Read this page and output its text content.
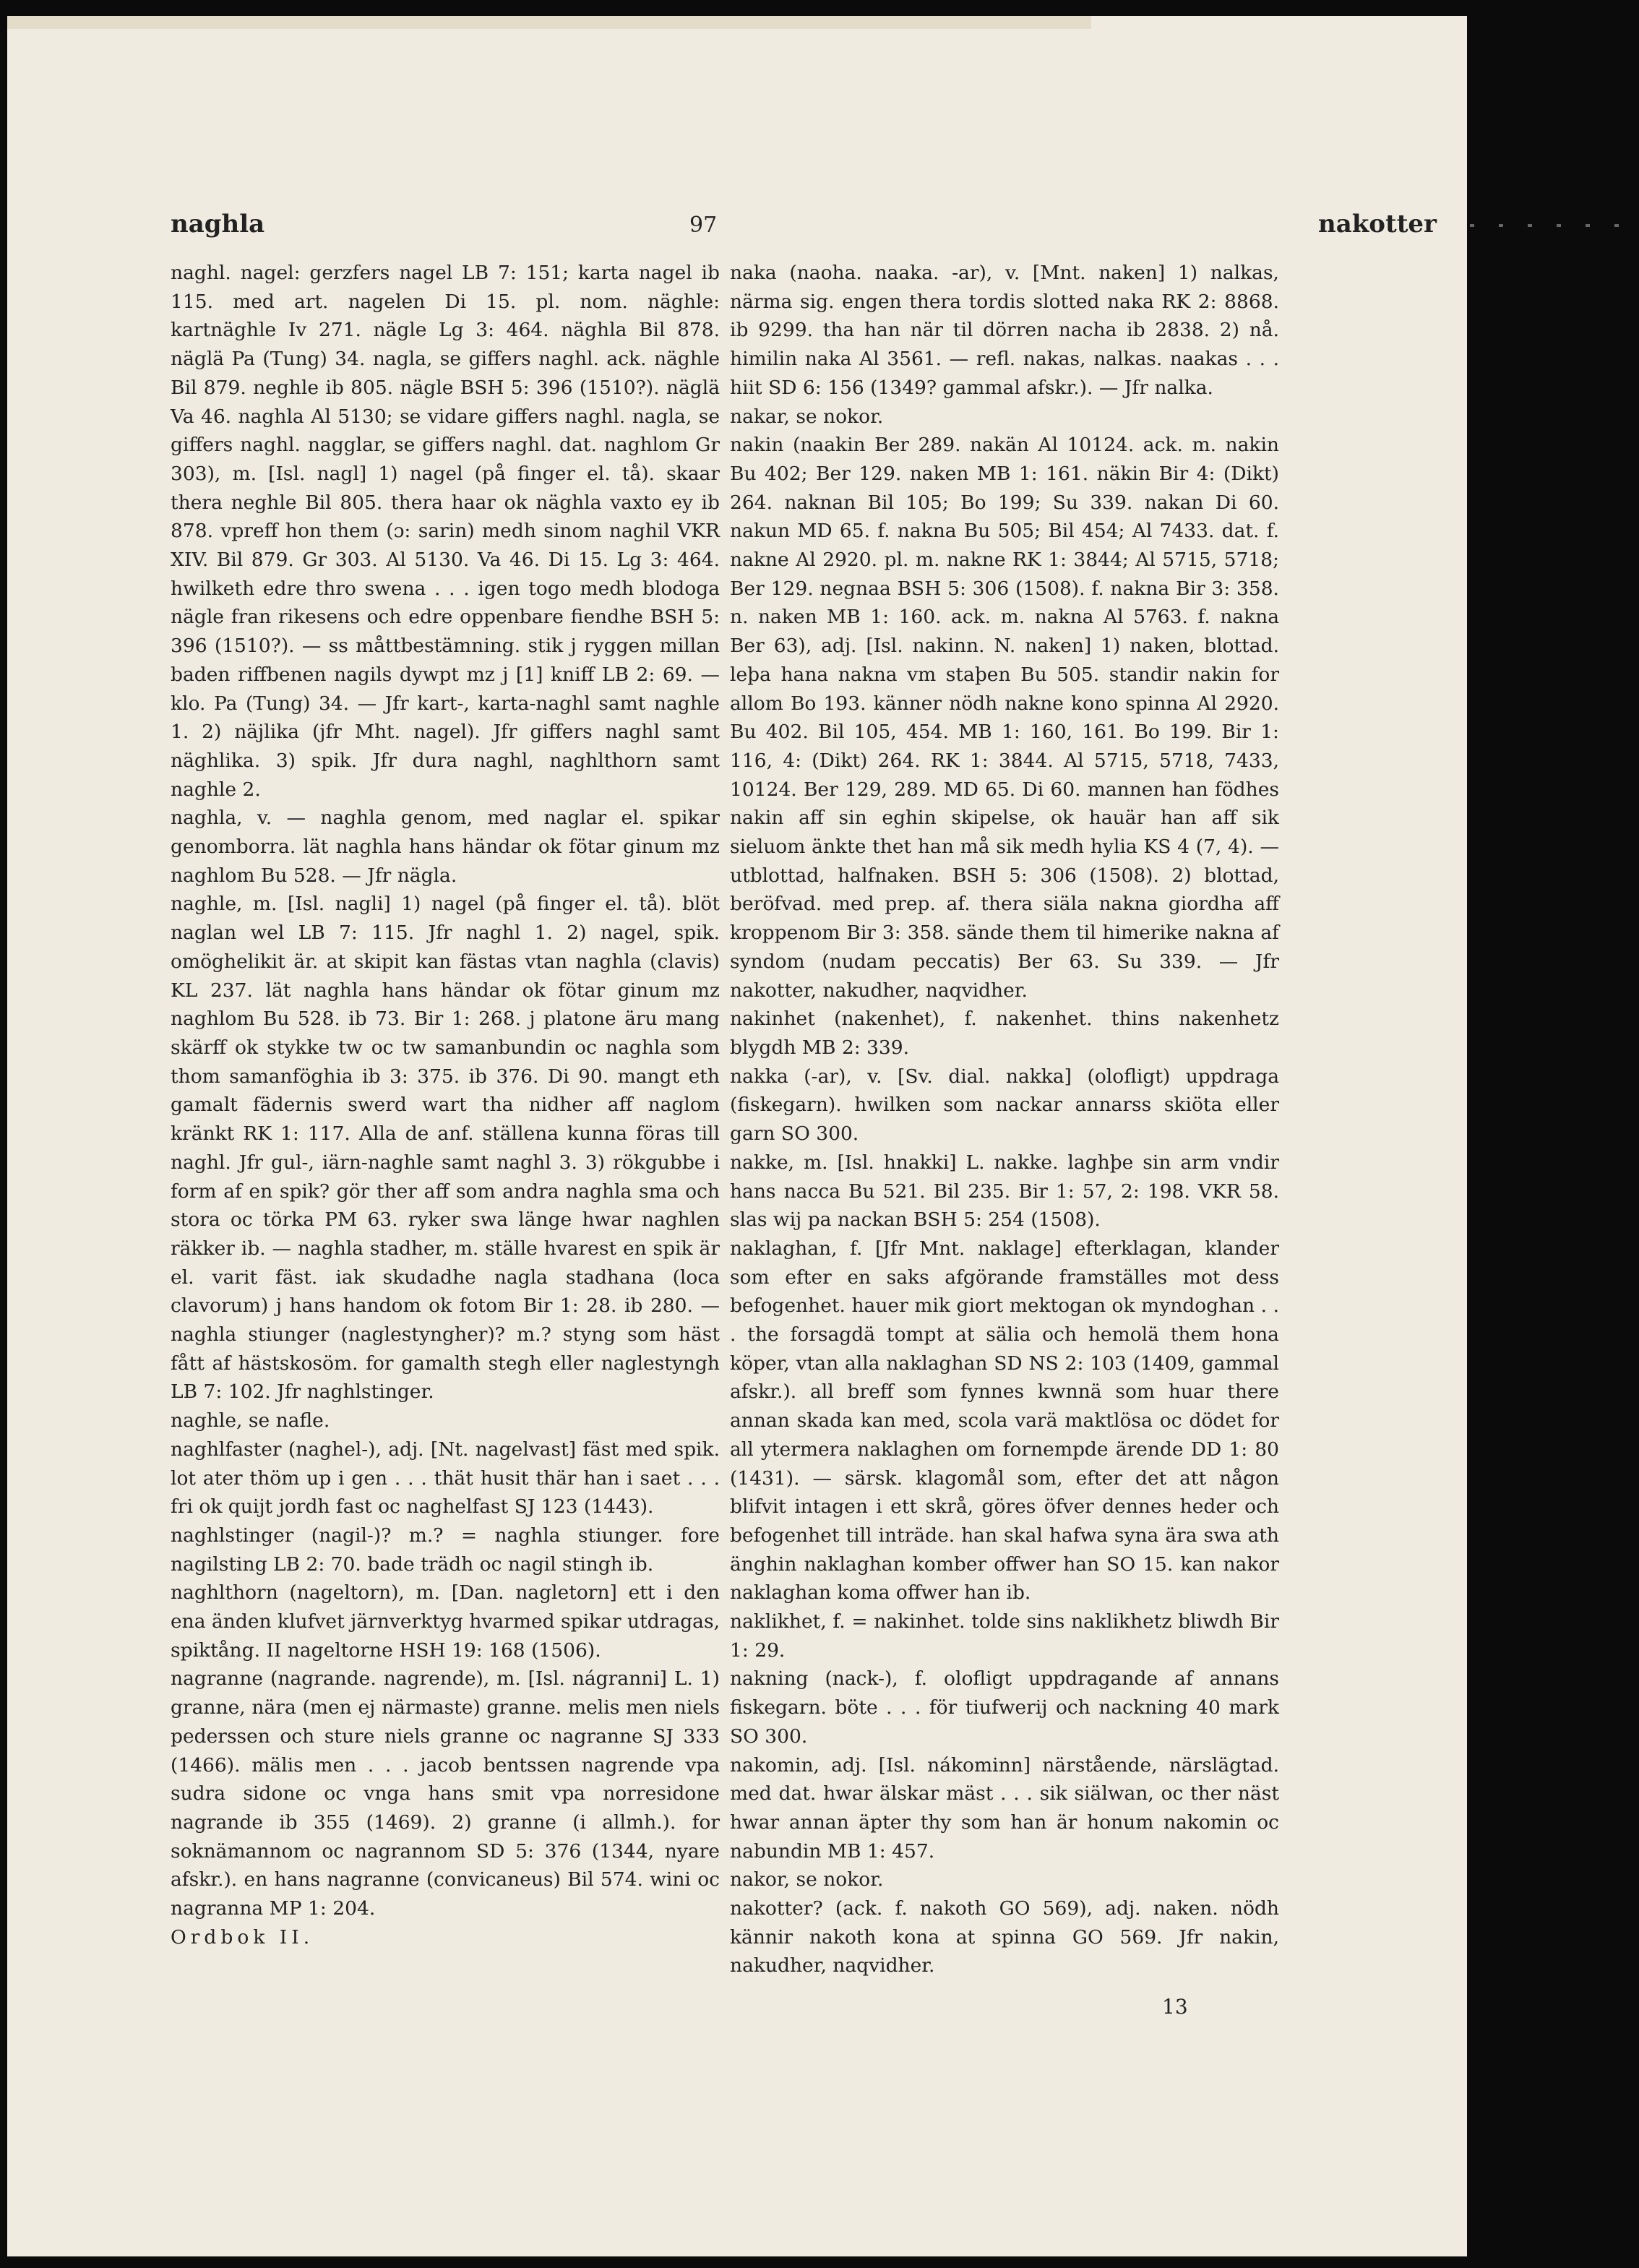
naghla	97	nakotter

naghl. nagel: gerzfers nagel LB 7: 151; karta nagel ib 115. med art. nagelen Di 15. pl. nom. näghle: kartnäghle Iv 271. nägle Lg 3: 464. näghla Bil 878. näglä Pa (Tung) 34. nagla, se giffers naghl. ack. näghle Bil 879. neghle ib 805. nägle BSH 5: 396 (1510?). näglä Va 46. naghla Al 5130; se vidare giffers naghl. nagla, se giffers naghl. nagglar, se giffers naghl. dat. naghlom Gr 303), m. [Isl. nagl] 1) nagel (på finger el. tå). skaar thera neghle Bil 805. thera haar ok näghla vaxto ey ib 878. vpreff hon them (ɔ: sarin) medh sinom naghil VKR XIV. Bil 879. Gr 303. Al 5130. Va 46. Di 15. Lg 3: 464. hwilketh edre thro swena . . . igen togo medh blodoga nägle fran rikesens och edre oppenbare fiendhe BSH 5: 396 (1510?). — ss måttbestämning. stik j ryggen millan baden riffbenen nagils dywpt mz j [1] kniff LB 2: 69. — klo. Pa (Tung) 34. — Jfr kart-, karta-naghl samt naghle 1. 2) näjlika (jfr Mht. nagel). Jfr giffers naghl samt näghlika. 3) spik. Jfr dura naghl, naghlthorn samt naghle 2.

naghla, v. — naghla genom, med naglar el. spikar genomborra. lät naghla hans händar ok fötar ginum mz naghlom Bu 528. — Jfr nägla.

naghle, m. [Isl. nagli] 1) nagel (på finger el. tå). blöt naglan wel LB 7: 115. Jfr naghl 1. 2) nagel, spik. omöghelikit är. at skipit kan fästas vtan naghla (clavis) KL 237. lät naghla hans händar ok fötar ginum mz naghlom Bu 528. ib 73. Bir 1: 268. j platone äru mang skärff ok stykke tw oc tw samanbundin oc naghla som thom samanföghia ib 3: 375. ib 376. Di 90. mangt eth gamalt fädernis swerd wart tha nidher aff naglom kränkt RK 1: 117. Alla de anf. ställena kunna föras till naghl. Jfr gul-, iärn-naghle samt naghl 3. 3) rökgubbe i form af en spik? gör ther aff som andra naghla sma och stora oc törka PM 63. ryker swa länge hwar naghlen räkker ib. — naghla stadher, m. ställe hvarest en spik är el. varit fäst. iak skudadhe nagla stadhana (loca clavorum) j hans handom ok fotom Bir 1: 28. ib 280. — naghla stiunger (naglestyngher)? m.? styng som häst fått af hästskosöm. for gamalth stegh eller naglestyngh LB 7: 102. Jfr naghlstinger.

naghle, se nafle.

naghlfaster (naghel-), adj. [Nt. nagelvast] fäst med spik. lot ater thöm up i gen . . . thät husit thär han i saet . . . fri ok quijt jordh fast oc naghelfast SJ 123 (1443).

naghlstinger (nagil-)? m.? = naghla stiunger. fore nagilsting LB 2: 70. bade trädh oc nagil stingh ib.

naghlthorn (nageltorn), m. [Dan. nagletorn] ett i den ena änden klufvet järnverktyg hvarmed spikar utdragas, spiktång. II nageltorne HSH 19: 168 (1506).

nagranne (nagrande. nagrende), m. [Isl. nágranni] L. 1) granne, nära (men ej närmaste) granne. melis men niels pederssen och sture niels granne oc nagranne SJ 333 (1466). mälis men . . . jacob bentssen nagrende vpa sudra sidone oc vnga hans smit vpa norresidone nagrande ib 355 (1469). 2) granne (i allmh.). for soknämannom oc nagrannom SD 5: 376 (1344, nyare afskr.). en hans nagranne (convicaneus) Bil 574. wini oc nagranna MP 1: 204.

Ordbok II.

naka (naoha. naaka. -ar), v. [Mnt. naken] 1) nalkas, närma sig. engen thera tordis slotted naka RK 2: 8868. ib 9299. tha han när til dörren nacha ib 2838. 2) nå. himilin naka Al 3561. — refl. nakas, nalkas. naakas . . . hiit SD 6: 156 (1349? gammal afskr.). — Jfr nalka.

nakar, se nokor.

nakin (naakin Ber 289. nakän Al 10124. ack. m. nakin Bu 402; Ber 129. naken MB 1: 161. näkin Bir 4: (Dikt) 264. naknan Bil 105; Bo 199; Su 339. nakan Di 60. nakun MD 65. f. nakna Bu 505; Bil 454; Al 7433. dat. f. nakne Al 2920. pl. m. nakne RK 1: 3844; Al 5715, 5718; Ber 129. negnaa BSH 5: 306 (1508). f. nakna Bir 3: 358. n. naken MB 1: 160. ack. m. nakna Al 5763. f. nakna Ber 63), adj. [Isl. nakinn. N. naken] 1) naken, blottad. leþa hana nakna vm staþen Bu 505. standir nakin for allom Bo 193. känner nödh nakne kono spinna Al 2920. Bu 402. Bil 105, 454. MB 1: 160, 161. Bo 199. Bir 1: 116, 4: (Dikt) 264. RK 1: 3844. Al 5715, 5718, 7433, 10124. Ber 129, 289. MD 65. Di 60. mannen han födhes nakin aff sin eghin skipelse, ok hauär han aff sik sieluom änkte thet han må sik medh hylia KS 4 (7, 4). — utblottad, halfnaken. BSH 5: 306 (1508). 2) blottad, beröfvad. med prep. af. thera siäla nakna giordha aff kroppenom Bir 3: 358. sände them til himerike nakna af syndom (nudam peccatis) Ber 63. Su 339. — Jfr nakotter, nakudher, naqvidher.

nakinhet (nakenhet), f. nakenhet. thins nakenhetz blygdh MB 2: 339.

nakka (-ar), v. [Sv. dial. nakka] (olofligt) uppdraga (fiskegarn). hwilken som nackar annarss skiöta eller garn SO 300.

nakke, m. [Isl. hnakki] L. nakke. laghþe sin arm vndir hans nacca Bu 521. Bil 235. Bir 1: 57, 2: 198. VKR 58. slas wij pa nackan BSH 5: 254 (1508).

naklaghan, f. [Jfr Mnt. naklage] efterklagan, klander som efter en saks afgörande framställes mot dess befogenhet. hauer mik giort mektogan ok myndoghan . . . the forsagdä tompt at sälia och hemolä them hona köper, vtan alla naklaghan SD NS 2: 103 (1409, gammal afskr.). all breff som fynnes kwnnä som huar there annan skada kan med, scola varä maktlösa oc dödet for all ytermera naklaghen om fornempde ärende DD 1: 80 (1431). — särsk. klagomål som, efter det att någon blifvit intagen i ett skrå, göres öfver dennes heder och befogenhet till inträde. han skal hafwa syna ära swa ath änghin naklaghan komber offwer han SO 15. kan nakor naklaghan koma offwer han ib.

naklikhet, f. = nakinhet. tolde sins naklikhetz bliwdh Bir 1: 29.

nakning (nack-), f. olofligt uppdragande af annans fiskegarn. böte . . . för tiufwerij och nackning 40 mark SO 300.

nakomin, adj. [Isl. nákominn] närstående, närslägtad. med dat. hwar älskar mäst . . . sik siälwan, oc ther näst hwar annan äpter thy som han är honum nakomin oc nabundin MB 1: 457.

nakor, se nokor.

nakotter? (ack. f. nakoth GO 569), adj. naken. nödh kännir nakoth kona at spinna GO 569. Jfr nakin, nakudher, naqvidher.

13
